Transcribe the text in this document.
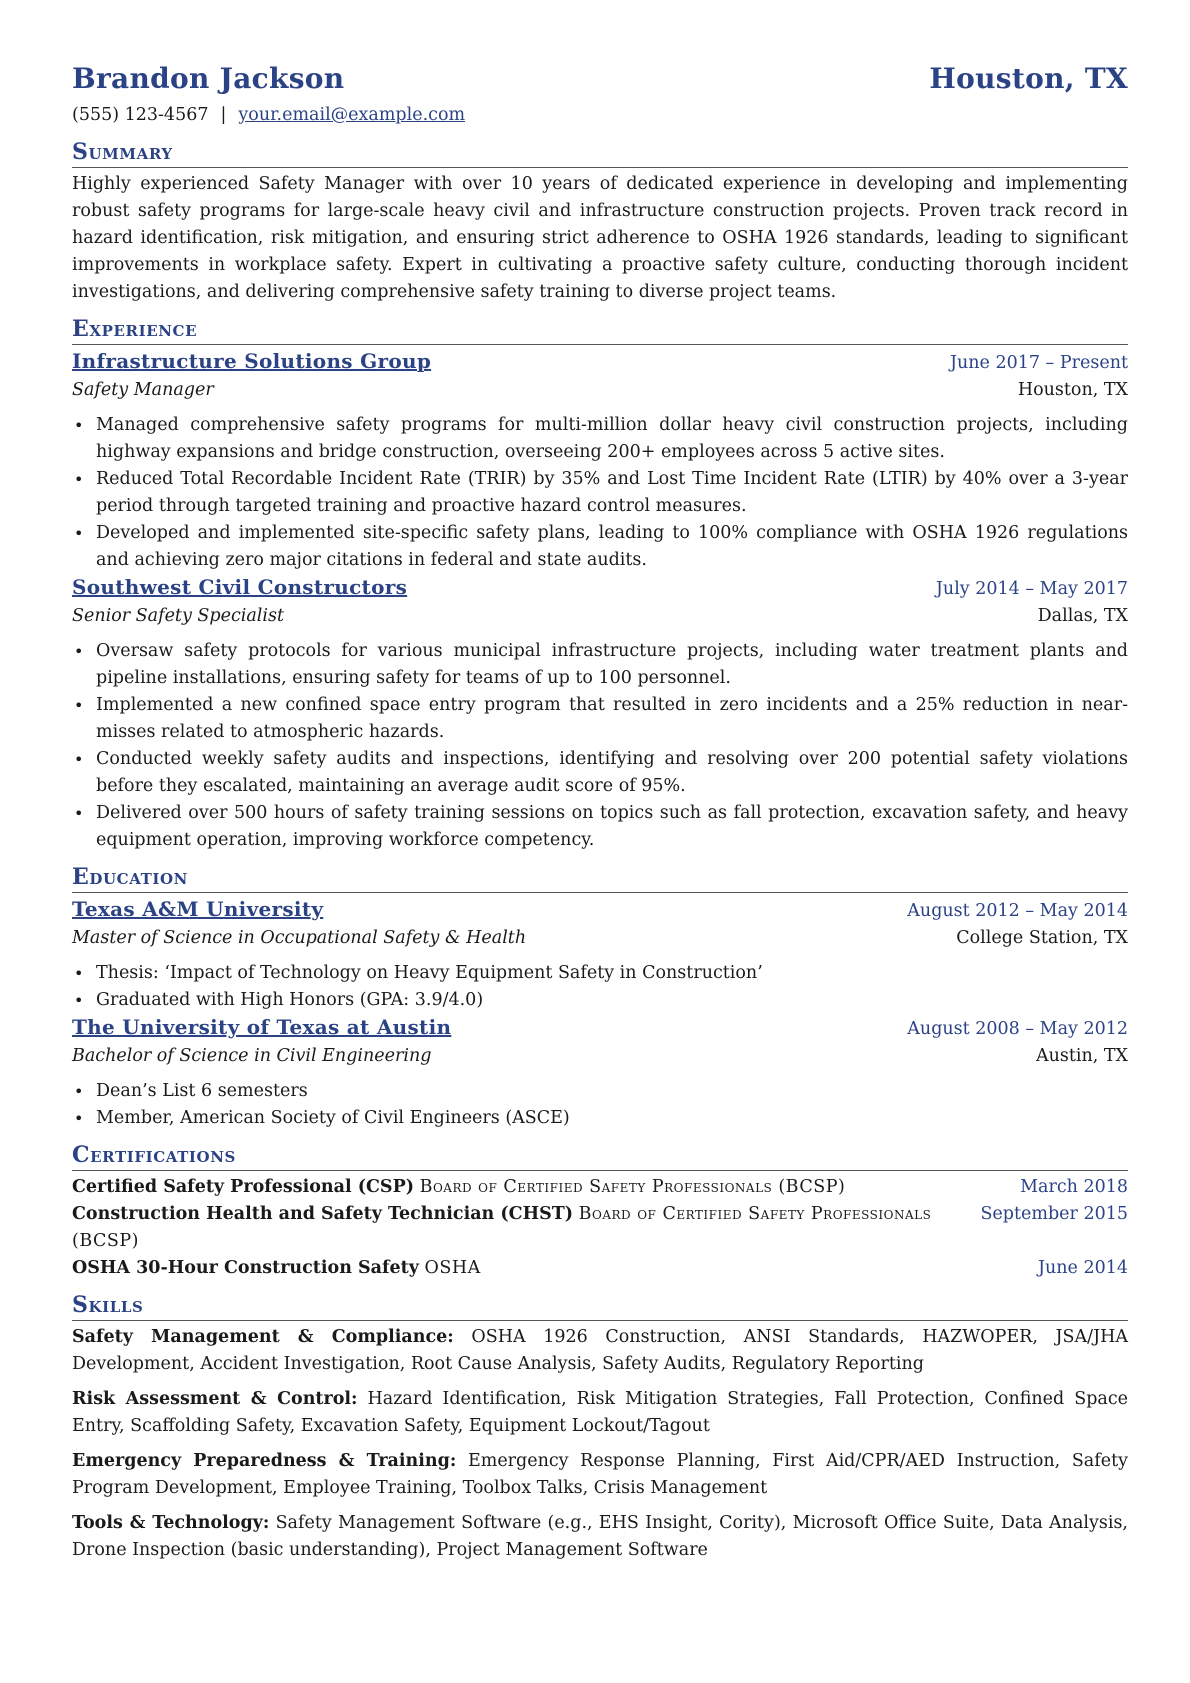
Brandon Jackson	Houston, TX
(555) 123-4567 | your.email@example.com
Summary

Highly experienced Safety Manager with over 10 years of dedicated experience in developing and implementing robust safety programs for large-scale heavy civil and infrastructure construction projects. Proven track record in hazard identification, risk mitigation, and ensuring strict adherence to OSHA 1926 standards, leading to significant improvements in workplace safety. Expert in cultivating a proactive safety culture, conducting thorough incident investigations, and delivering comprehensive safety training to diverse project teams.

Experience
Infrastructure Solutions Group	June 2017 – Present
Safety Manager	Houston, TX
• Managed comprehensive safety programs for multi-million dollar heavy civil construction projects, including highway expansions and bridge construction, overseeing 200+ employees across 5 active sites.
• Reduced Total Recordable Incident Rate (TRIR) by 35% and Lost Time Incident Rate (LTIR) by 40% over a 3-year period through targeted training and proactive hazard control measures.
• Developed and implemented site-specific safety plans, leading to 100% compliance with OSHA 1926 regulations and achieving zero major citations in federal and state audits.
Southwest Civil Constructors	July 2014 – May 2017
Senior Safety Specialist	Dallas, TX
• Oversaw safety protocols for various municipal infrastructure projects, including water treatment plants and pipeline installations, ensuring safety for teams of up to 100 personnel.
• Implemented a new confined space entry program that resulted in zero incidents and a 25% reduction in near-misses related to atmospheric hazards.
• Conducted weekly safety audits and inspections, identifying and resolving over 200 potential safety violations before they escalated, maintaining an average audit score of 95%.
• Delivered over 500 hours of safety training sessions on topics such as fall protection, excavation safety, and heavy equipment operation, improving workforce competency.
Education
Texas A&M University	August 2012 – May 2014
Master of Science in Occupational Safety & Health	College Station, TX
• Thesis: ‘Impact of Technology on Heavy Equipment Safety in Construction’
• Graduated with High Honors (GPA: 3.9/4.0)
The University of Texas at Austin	August 2008 – May 2012
Bachelor of Science in Civil Engineering	Austin, TX
• Dean’s List 6 semesters
• Member, American Society of Civil Engineers (ASCE)
Certifications
Certified Safety Professional (CSP) Board of Certified Safety Professionals (BCSP)	March 2018
Construction Health and Safety Technician (CHST) Board of Certified Safety Professionals (BCSP)
September 2015
OSHA 30-Hour Construction Safety OSHA	June 2014
Skills

Safety Management & Compliance: OSHA 1926 Construction, ANSI Standards, HAZWOPER, JSA/JHA Development, Accident Investigation, Root Cause Analysis, Safety Audits, Regulatory Reporting

Risk Assessment & Control: Hazard Identification, Risk Mitigation Strategies, Fall Protection, Confined Space Entry, Scaffolding Safety, Excavation Safety, Equipment Lockout/Tagout

Emergency Preparedness & Training: Emergency Response Planning, First Aid/CPR/AED Instruction, Safety Program Development, Employee Training, Toolbox Talks, Crisis Management

Tools & Technology: Safety Management Software (e.g., EHS Insight, Cority), Microsoft Office Suite, Data Analysis, Drone Inspection (basic understanding), Project Management Software
